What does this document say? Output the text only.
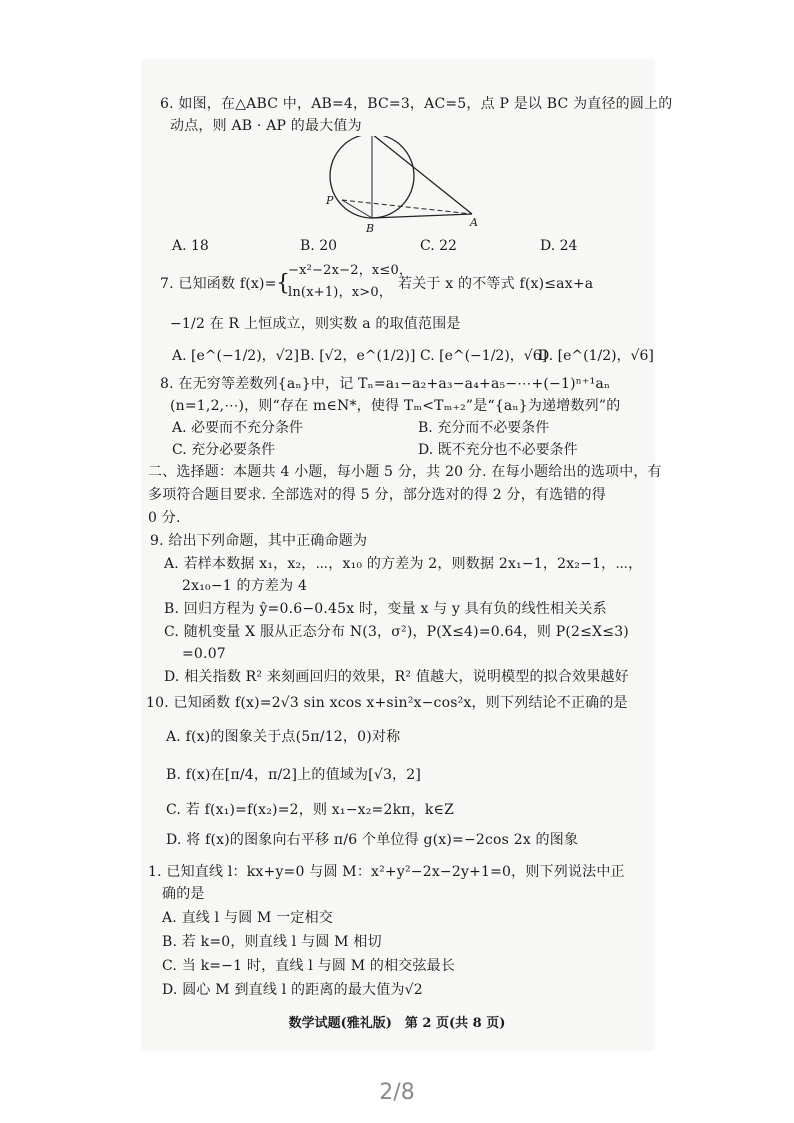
6. 如图，在△ABC 中，AB=4，BC=3，AC=5，点 P 是以 BC 为直径的圆上的
动点，则 AB · AP 的最大值为
P
B	A
A. 18	B. 20	C. 22	D. 24
7. 已知函数 f(x)= {
−x²−2x−2，x≤0，
ln(x+1)，x>0，
若关于 x 的不等式 f(x)≤ax+a
−1/2 在 R 上恒成立，则实数 a 的取值范围是
A. [e^(−1/2)，√2] B. [√2，e^(1/2)] C. [e^(−1/2)，√6]
D. [e^(1/2)，√6]
8. 在无穷等差数列{aₙ}中，记 Tₙ=a₁−a₂+a₃−a₄+a₅−⋯+(−1)ⁿ⁺¹aₙ
(n=1,2,⋯)，则“存在 m∈N*，使得 Tₘ<Tₘ₊₂”是“{aₙ}为递增数列”的
A. 必要而不充分条件	B. 充分而不必要条件
C. 充分必要条件	D. 既不充分也不必要条件
二、选择题：本题共 4 小题，每小题 5 分，共 20 分. 在每小题给出的选项中，有
多项符合题目要求. 全部选对的得 5 分，部分选对的得 2 分，有选错的得
0 分.
9. 给出下列命题，其中正确命题为
A. 若样本数据 x₁，x₂，⋯，x₁₀ 的方差为 2，则数据 2x₁−1，2x₂−1，⋯，
2x₁₀−1 的方差为 4
B. 回归方程为 ŷ=0.6−0.45x 时，变量 x 与 y 具有负的线性相关关系
C. 随机变量 X 服从正态分布 N(3，σ²)，P(X≤4)=0.64，则 P(2≤X≤3)
=0.07
D. 相关指数 R² 来刻画回归的效果，R² 值越大，说明模型的拟合效果越好
10. 已知函数 f(x)=2√3 sin xcos x+sin²x−cos²x，则下列结论不正确的是
A. f(x)的图象关于点(5π/12，0)对称
B. f(x)在[π/4，π/2]上的值域为[√3，2]
C. 若 f(x₁)=f(x₂)=2，则 x₁−x₂=2kπ，k∈Z
D. 将 f(x)的图象向右平移 π/6 个单位得 g(x)=−2cos 2x 的图象
1. 已知直线 l：kx+y=0 与圆 M：x²+y²−2x−2y+1=0，则下列说法中正
确的是
A. 直线 l 与圆 M 一定相交
B. 若 k=0，则直线 l 与圆 M 相切
C. 当 k=−1 时，直线 l 与圆 M 的相交弦最长
D. 圆心 M 到直线 l 的距离的最大值为√2
数学试题(雅礼版)　第 2 页(共 8 页)
2/8
